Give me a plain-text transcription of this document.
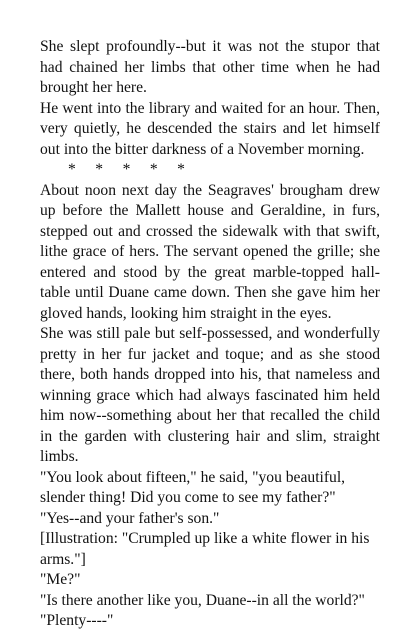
She slept profoundly--but it was not the stupor that had chained her limbs that other time when he had brought her here.

He went into the library and waited for an hour. Then, very quietly, he descended the stairs and let himself out into the bitter darkness of a November morning.

*     *     *     *     *

About noon next day the Seagraves' brougham drew up before the Mallett house and Geraldine, in furs, stepped out and crossed the sidewalk with that swift, lithe grace of hers. The servant opened the grille; she entered and stood by the great marble-topped hall-table until Duane came down. Then she gave him her gloved hands, looking him straight in the eyes.

She was still pale but self-possessed, and wonderfully pretty in her fur jacket and toque; and as she stood there, both hands dropped into his, that nameless and winning grace which had always fascinated him held him now--something about her that recalled the child in the garden with clustering hair and slim, straight limbs.

"You look about fifteen," he said, "you beautiful, slender thing! Did you come to see my father?"

"Yes--and your father's son."

[Illustration: "Crumpled up like a white flower in his arms."]

"Me?"

"Is there another like you, Duane--in all the world?"

"Plenty----"
